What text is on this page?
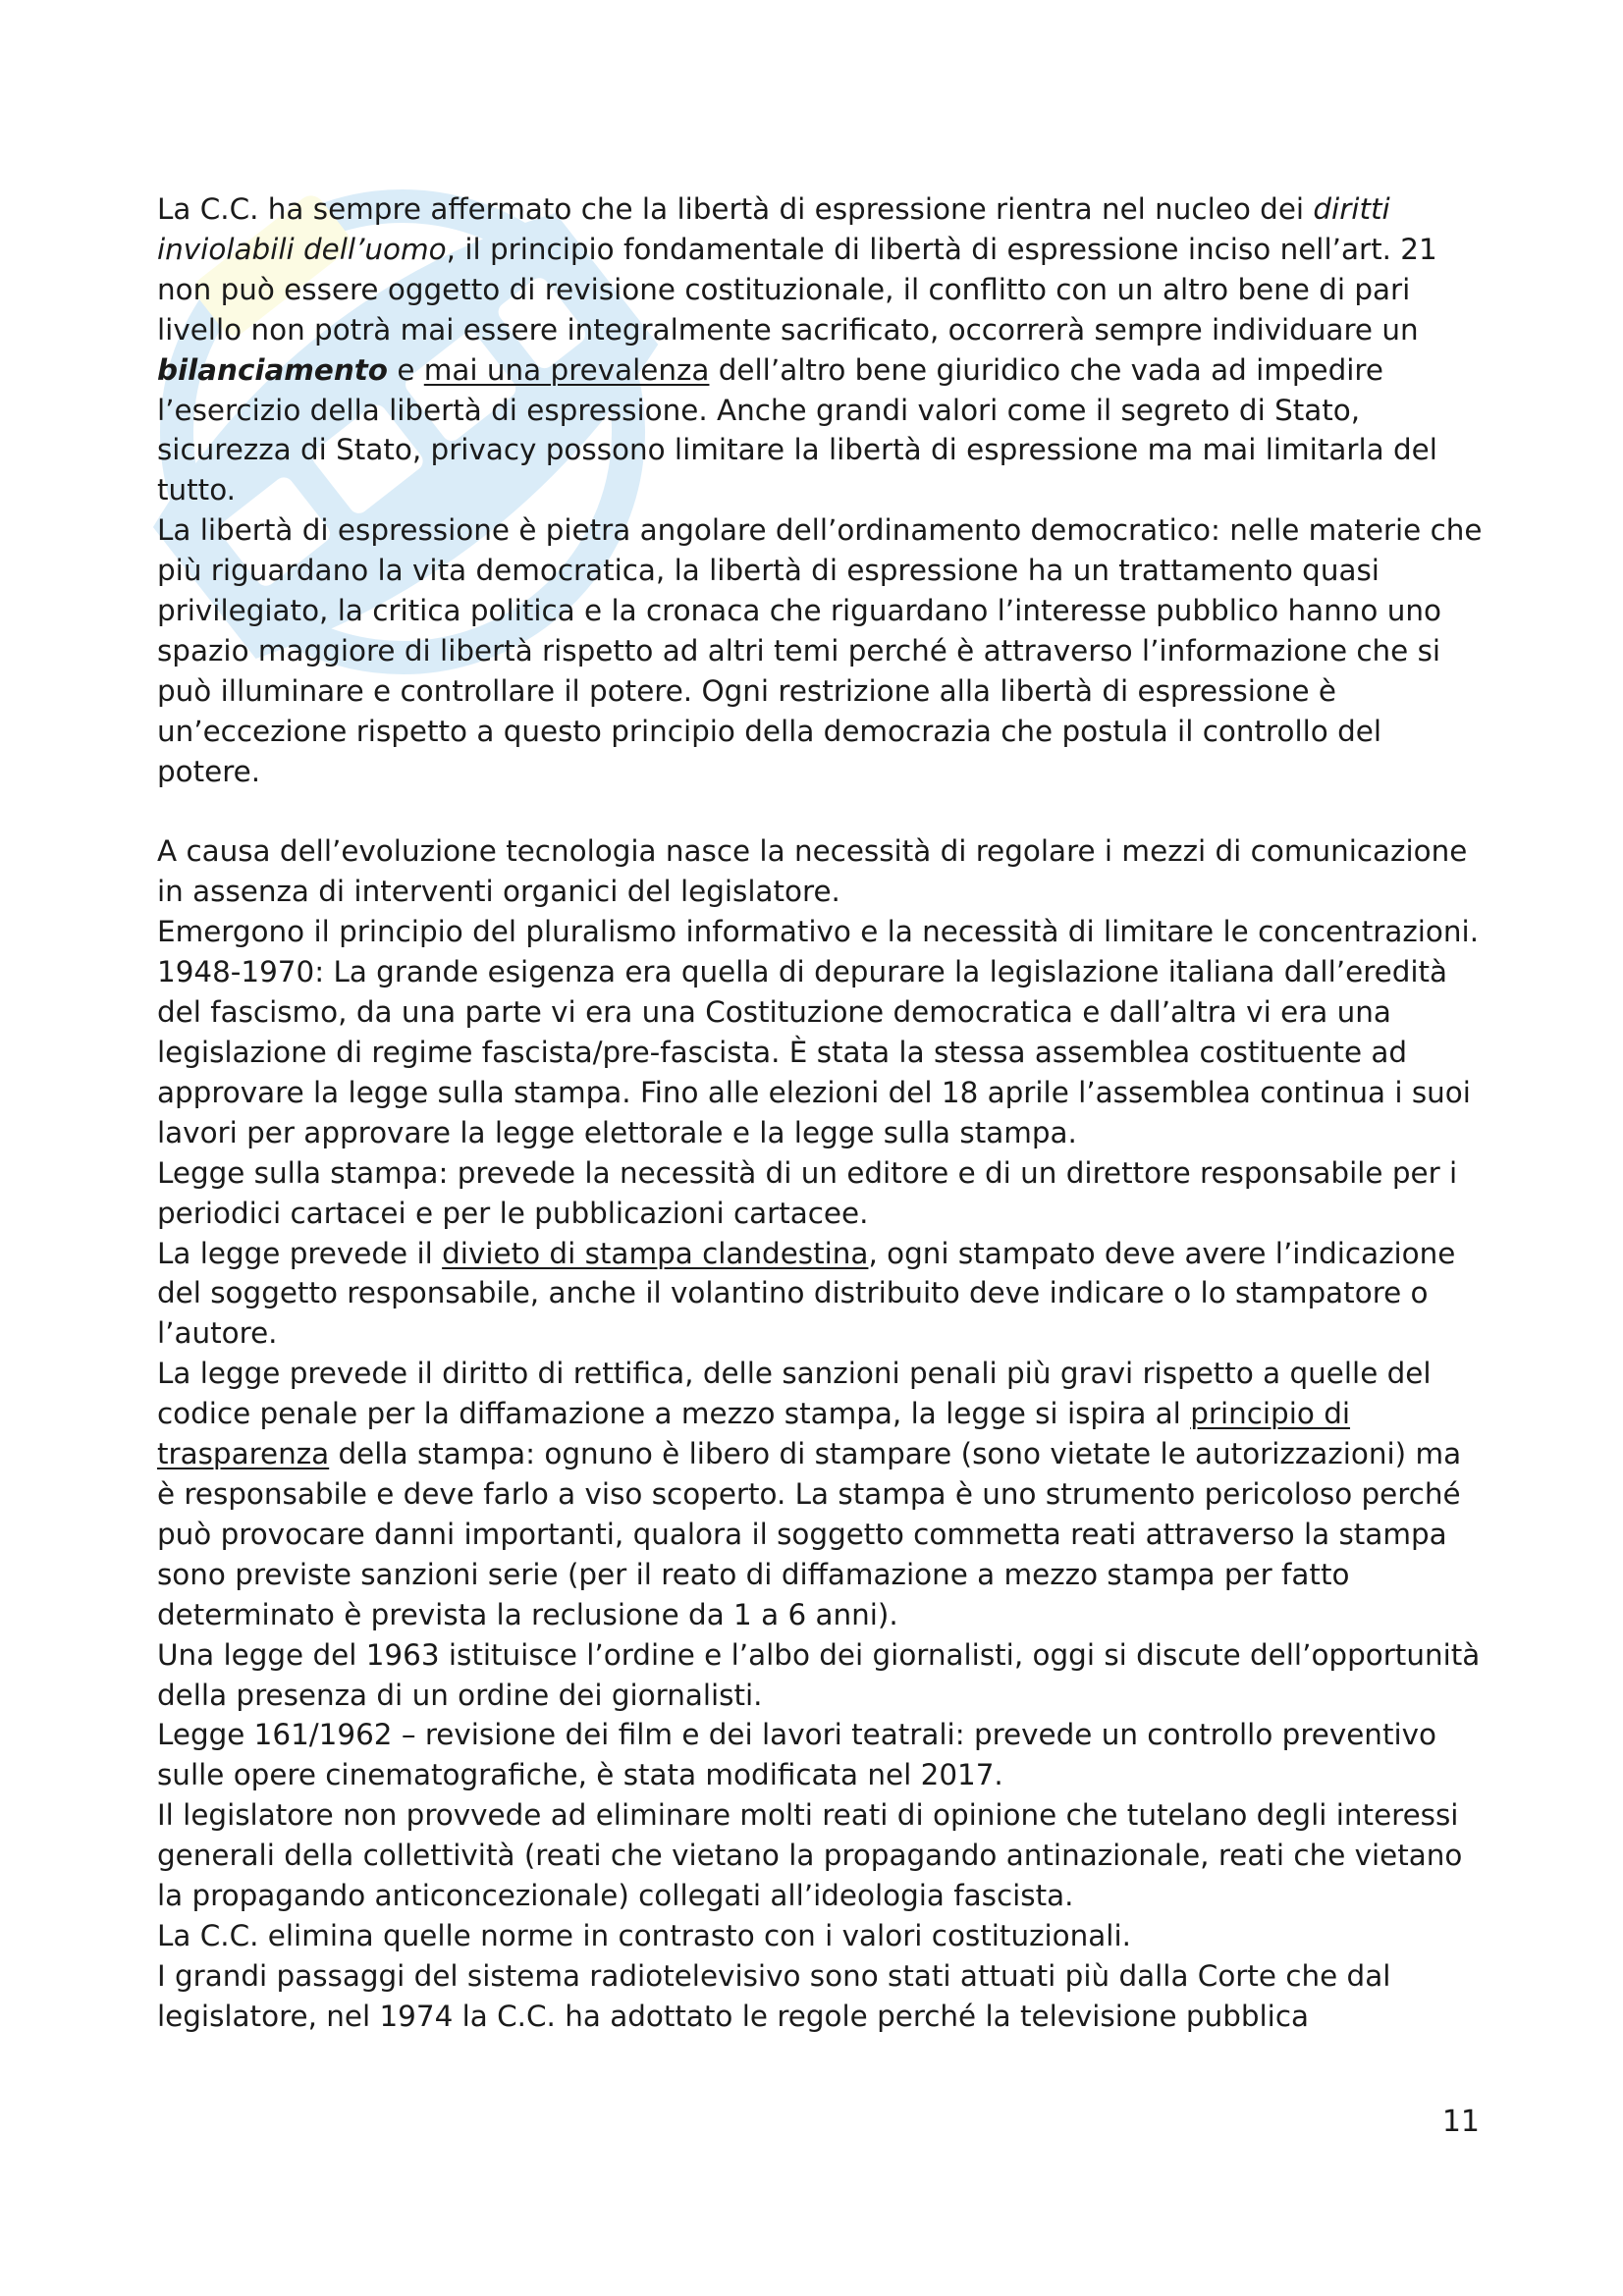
La C.C. ha sempre affermato che la libertà di espressione rientra nel nucleo dei diritti inviolabili dell’uomo, il principio fondamentale di libertà di espressione inciso nell’art. 21 non può essere oggetto di revisione costituzionale, il conflitto con un altro bene di pari livello non potrà mai essere integralmente sacrificato, occorrerà sempre individuare un bilanciamento e mai una prevalenza dell’altro bene giuridico che vada ad impedire l’esercizio della libertà di espressione. Anche grandi valori come il segreto di Stato, sicurezza di Stato, privacy possono limitare la libertà di espressione ma mai limitarla del tutto.

La libertà di espressione è pietra angolare dell’ordinamento democratico: nelle materie che più riguardano la vita democratica, la libertà di espressione ha un trattamento quasi privilegiato, la critica politica e la cronaca che riguardano l’interesse pubblico hanno uno spazio maggiore di libertà rispetto ad altri temi perché è attraverso l’informazione che si può illuminare e controllare il potere. Ogni restrizione alla libertà di espressione è un’eccezione rispetto a questo principio della democrazia che postula il controllo del potere.

A causa dell’evoluzione tecnologia nasce la necessità di regolare i mezzi di comunicazione in assenza di interventi organici del legislatore.

Emergono il principio del pluralismo informativo e la necessità di limitare le concentrazioni.

1948-1970: La grande esigenza era quella di depurare la legislazione italiana dall’eredità del fascismo, da una parte vi era una Costituzione democratica e dall’altra vi era una legislazione di regime fascista/pre-fascista. È stata la stessa assemblea costituente ad approvare la legge sulla stampa. Fino alle elezioni del 18 aprile l’assemblea continua i suoi lavori per approvare la legge elettorale e la legge sulla stampa.

Legge sulla stampa: prevede la necessità di un editore e di un direttore responsabile per i periodici cartacei e per le pubblicazioni cartacee.

La legge prevede il divieto di stampa clandestina, ogni stampato deve avere l’indicazione del soggetto responsabile, anche il volantino distribuito deve indicare o lo stampatore o l’autore.

La legge prevede il diritto di rettifica, delle sanzioni penali più gravi rispetto a quelle del codice penale per la diffamazione a mezzo stampa, la legge si ispira al principio di trasparenza della stampa: ognuno è libero di stampare (sono vietate le autorizzazioni) ma è responsabile e deve farlo a viso scoperto. La stampa è uno strumento pericoloso perché può provocare danni importanti, qualora il soggetto commetta reati attraverso la stampa sono previste sanzioni serie (per il reato di diffamazione a mezzo stampa per fatto determinato è prevista la reclusione da 1 a 6 anni).

Una legge del 1963 istituisce l’ordine e l’albo dei giornalisti, oggi si discute dell’opportunità della presenza di un ordine dei giornalisti.

Legge 161/1962 – revisione dei film e dei lavori teatrali: prevede un controllo preventivo sulle opere cinematografiche, è stata modificata nel 2017.

Il legislatore non provvede ad eliminare molti reati di opinione che tutelano degli interessi generali della collettività (reati che vietano la propagando antinazionale, reati che vietano la propagando anticoncezionale) collegati all’ideologia fascista.

La C.C. elimina quelle norme in contrasto con i valori costituzionali.

I grandi passaggi del sistema radiotelevisivo sono stati attuati più dalla Corte che dal legislatore, nel 1974 la C.C. ha adottato le regole perché la televisione pubblica

11
